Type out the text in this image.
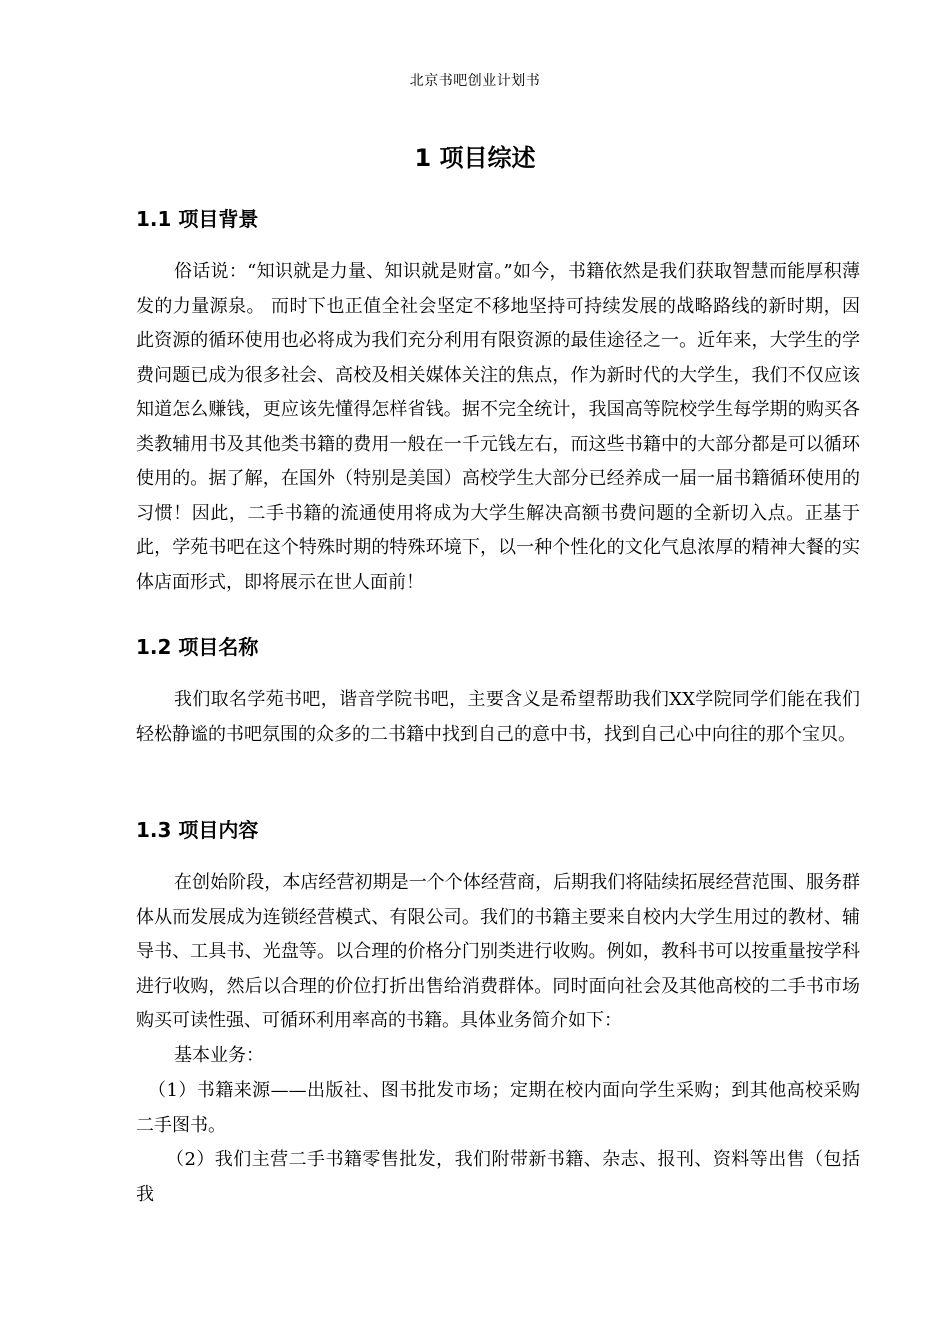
北京书吧创业计划书
1 项目综述
1.1 项目背景

俗话说：“知识就是力量、知识就是财富。”如今，书籍依然是我们获取智慧而能厚积薄发的力量源泉。 而时下也正值全社会坚定不移地坚持可持续发展的战略路线的新时期，因此资源的循环使用也必将成为我们充分利用有限资源的最佳途径之一。近年来，大学生的学费问题已成为很多社会、高校及相关媒体关注的焦点，作为新时代的大学生，我们不仅应该知道怎么赚钱，更应该先懂得怎样省钱。据不完全统计，我国高等院校学生每学期的购买各类教辅用书及其他类书籍的费用一般在一千元钱左右，而这些书籍中的大部分都是可以循环使用的。据了解，在国外（特别是美国）高校学生大部分已经养成一届一届书籍循环使用的习惯！因此，二手书籍的流通使用将成为大学生解决高额书费问题的全新切入点。正基于此，学苑书吧在这个特殊时期的特殊环境下，以一种个性化的文化气息浓厚的精神大餐的实体店面形式，即将展示在世人面前！

1.2 项目名称

我们取名学苑书吧，谐音学院书吧，主要含义是希望帮助我们XX学院同学们能在我们轻松静谧的书吧氛围的众多的二书籍中找到自己的意中书，找到自己心中向往的那个宝贝。

1.3 项目内容

在创始阶段，本店经营初期是一个个体经营商，后期我们将陆续拓展经营范围、服务群体从而发展成为连锁经营模式、有限公司。我们的书籍主要来自校内大学生用过的教材、辅导书、工具书、光盘等。以合理的价格分门别类进行收购。例如，教科书可以按重量按学科进行收购，然后以合理的价位打折出售给消费群体。同时面向社会及其他高校的二手书市场购买可读性强、可循环利用率高的书籍。具体业务简介如下：

基本业务：

（1）书籍来源——出版社、图书批发市场；定期在校内面向学生采购；到其他高校采购二手图书。

（2）我们主营二手书籍零售批发，我们附带新书籍、杂志、报刊、资料等出售（包括我
